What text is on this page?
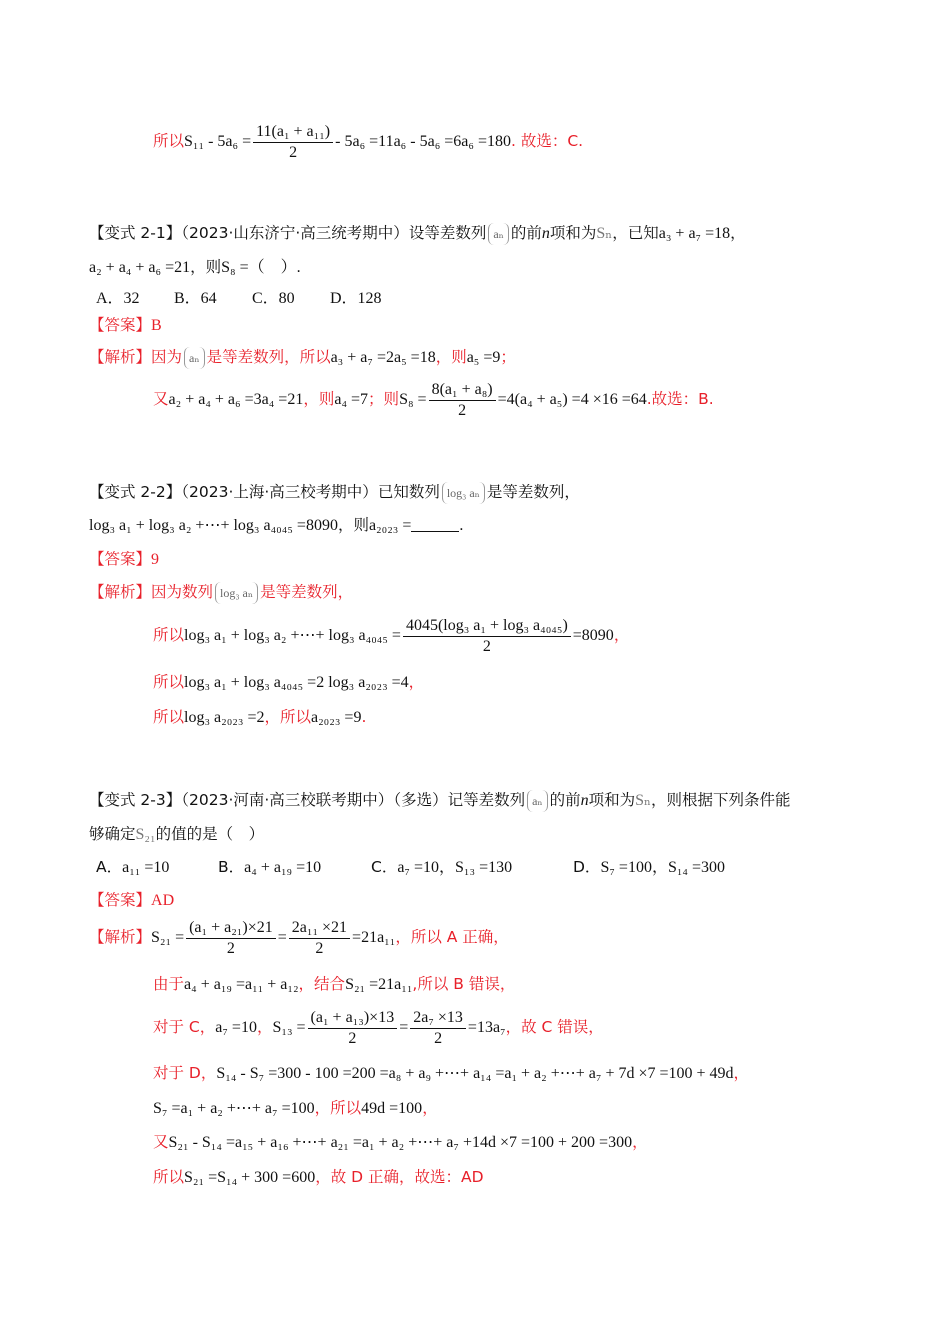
所以$S_{11} - 5a_6 = \frac{\text{11(a₁ + a₁₁)}}{2} - 5a_6 =11a_6 - 5a_6 =6a_6 =180$. 故选：C.
【变式 2-1】（2023·山东济宁·高三统考期中）设等差数列 aₙ 的前n项和为Sₙ，已知a₃ + a₇ =18，
a₂ + a₄ + a₆ =21，则S₈ =（　）.
A．32 B．64 C．80 D．128
【答案】B
【解析】因为 aₙ 是等差数列，所以a₃ + a₇ =2a₅ =18，则a₅ =9；
又a₂ + a₄ + a₆ =3a₄ =21，则a₄ =7；则$S_8 = \frac{\text{8(a₁ + a₈)}}{2} =4(a_4 + a_5) =4 \times 16 =64$.故选：B.
【变式 2-2】（2023·上海·高三校考期中）已知数列 log₃ aₙ 是等差数列，
log₃ a₁ + log₃ a₂ +⋯+ log₃ a₄₀₄₅ =8090，则a₂₀₂₃ =	.
【答案】9
【解析】因为数列 log₃ aₙ 是等差数列，
所以log₃ a₁ + log₃ a₂ +⋯+ log₃ $a_{4045} = \frac{\text{4045(log₃ a₁ + log₃ a₄₀₄₅)}}{2} =8090$，
所以log₃ a₁ + log₃ a₄₀₄₅ =2 log₃ a₂₀₂₃ =4，
所以log₃ a₂₀₂₃ =2，所以a₂₀₂₃ =9.
【变式 2-3】（2023·河南·高三校联考期中）（多选）记等差数列 aₙ 的前n项和为Sₙ，则根据下列条件能
够确定S₂₁的值的是（　）
A．a₁₁ =10	B．a₄ + a₁₉ =10	C．a₇ =10，S₁₃ =130	D．S₇ =100，S₁₄ =300
【答案】AD
【解析】$S_{21} = \frac{\text{(a₁ + a₂₁)×21}}{2} = \frac{\text{2a₁₁ ×21}}{2} =21a_{11}$，所以 A 正确，
由于a₄ + a₁₉ =a₁₁ + a₁₂，结合S₂₁ =21a₁₁,所以 B 错误，
对于 C，a₇ =10，$S_{13} = \frac{\text{(a₁ + a₁₃)×13}}{2} = \frac{\text{2a₇ ×13}}{2} =13a_7$，故 C 错误，
对于 D，S₁₄ - S₇ =300 - 100 =200 =a₈ + a₉ +⋯+ a₁₄ =a₁ + a₂ +⋯+ a₇ + 7d ×7 =100 + 49d，
S₇ =a₁ + a₂ +⋯+ a₇ =100，所以49d =100，
又S₂₁ - S₁₄ =a₁₅ + a₁₆ +⋯+ a₂₁ =a₁ + a₂ +⋯+ a₇ +14d ×7 =100 + 200 =300，
所以S₂₁ =S₁₄ + 300 =600，故 D 正确，故选：AD
